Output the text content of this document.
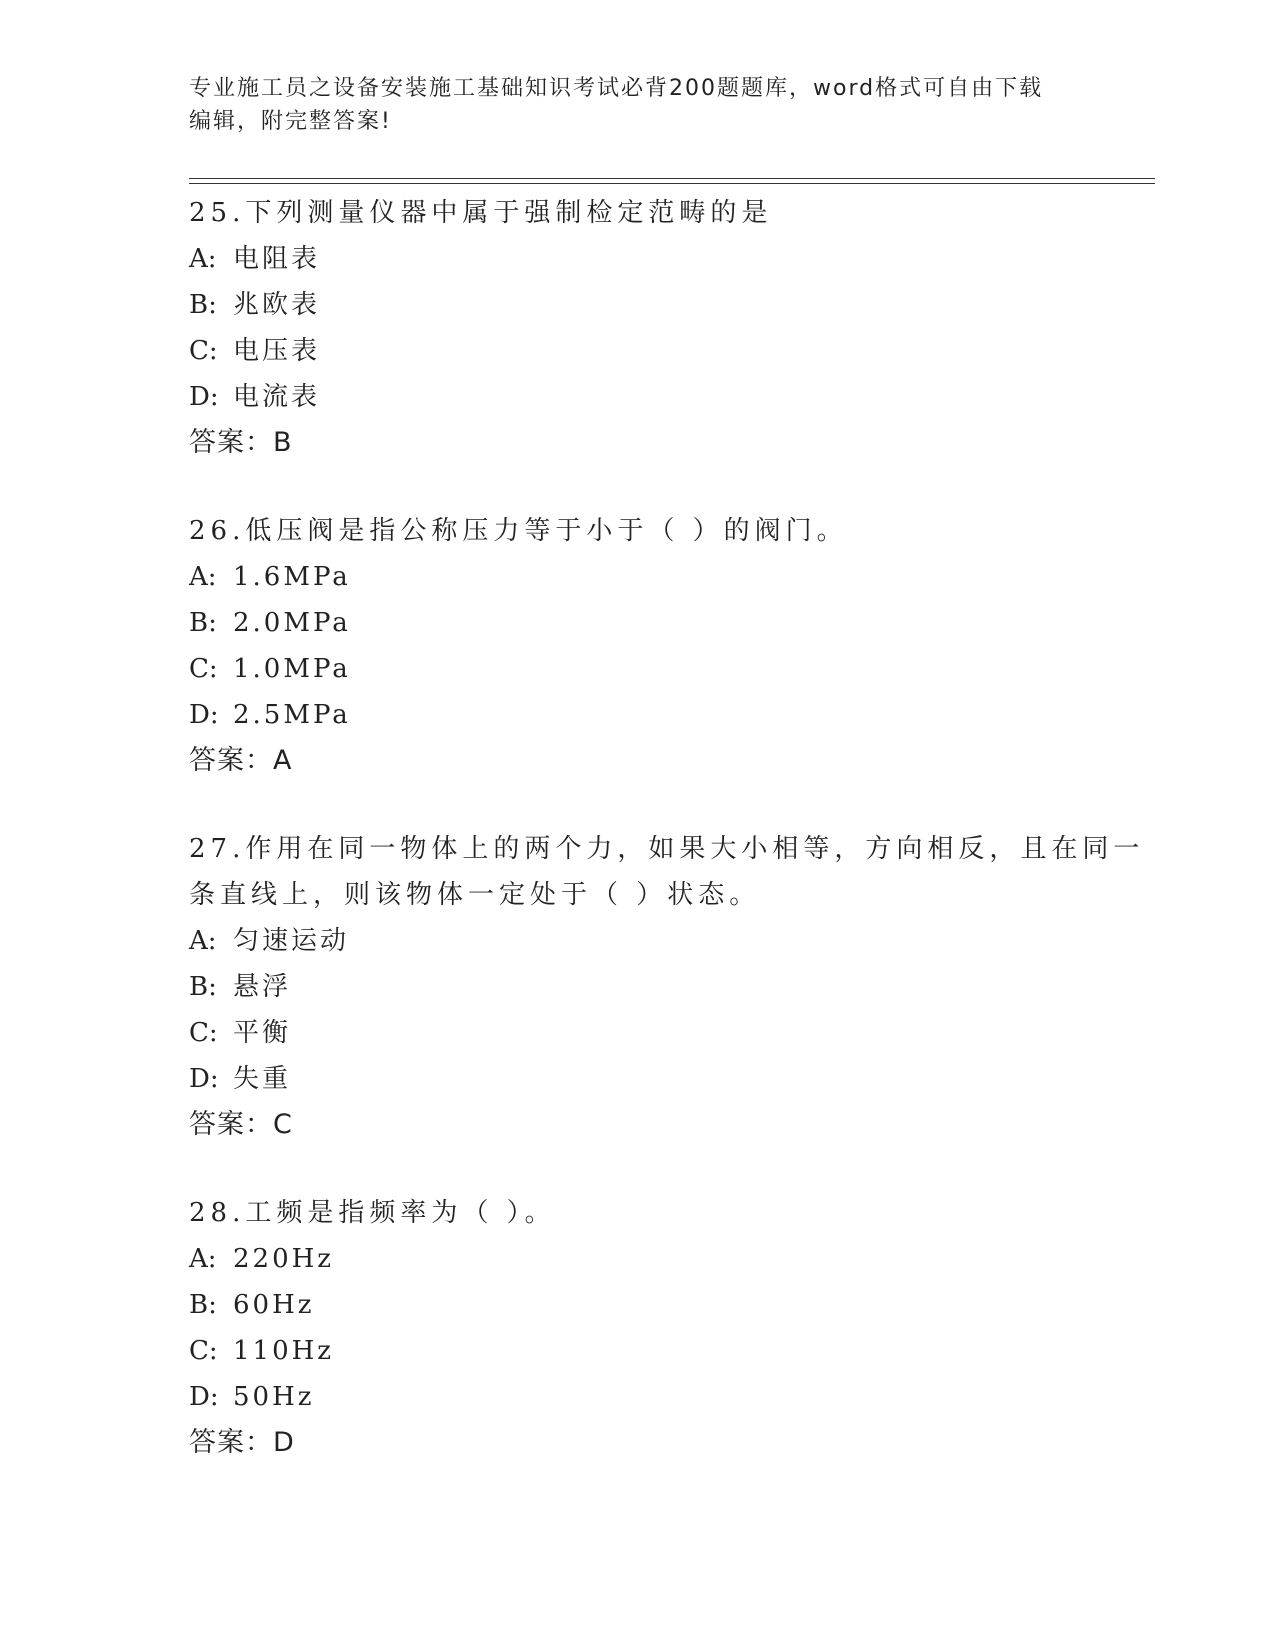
专业施工员之设备安装施工基础知识考试必背200题题库，word格式可自由下载
编辑，附完整答案!
25.下列测量仪器中属于强制检定范畴的是
A: 电阻表
B: 兆欧表
C: 电压表
D: 电流表
答案：B
26.低压阀是指公称压力等于小于（ ）的阀门。
A: 1.6MPa
B: 2.0MPa
C: 1.0MPa
D: 2.5MPa
答案：A
27.作用在同一物体上的两个力，如果大小相等，方向相反，且在同一
条直线上，则该物体一定处于（ ）状态。
A: 匀速运动
B: 悬浮
C: 平衡
D: 失重
答案：C
28.工频是指频率为（ ）。
A: 220Hz
B: 60Hz
C: 110Hz
D: 50Hz
答案：D
